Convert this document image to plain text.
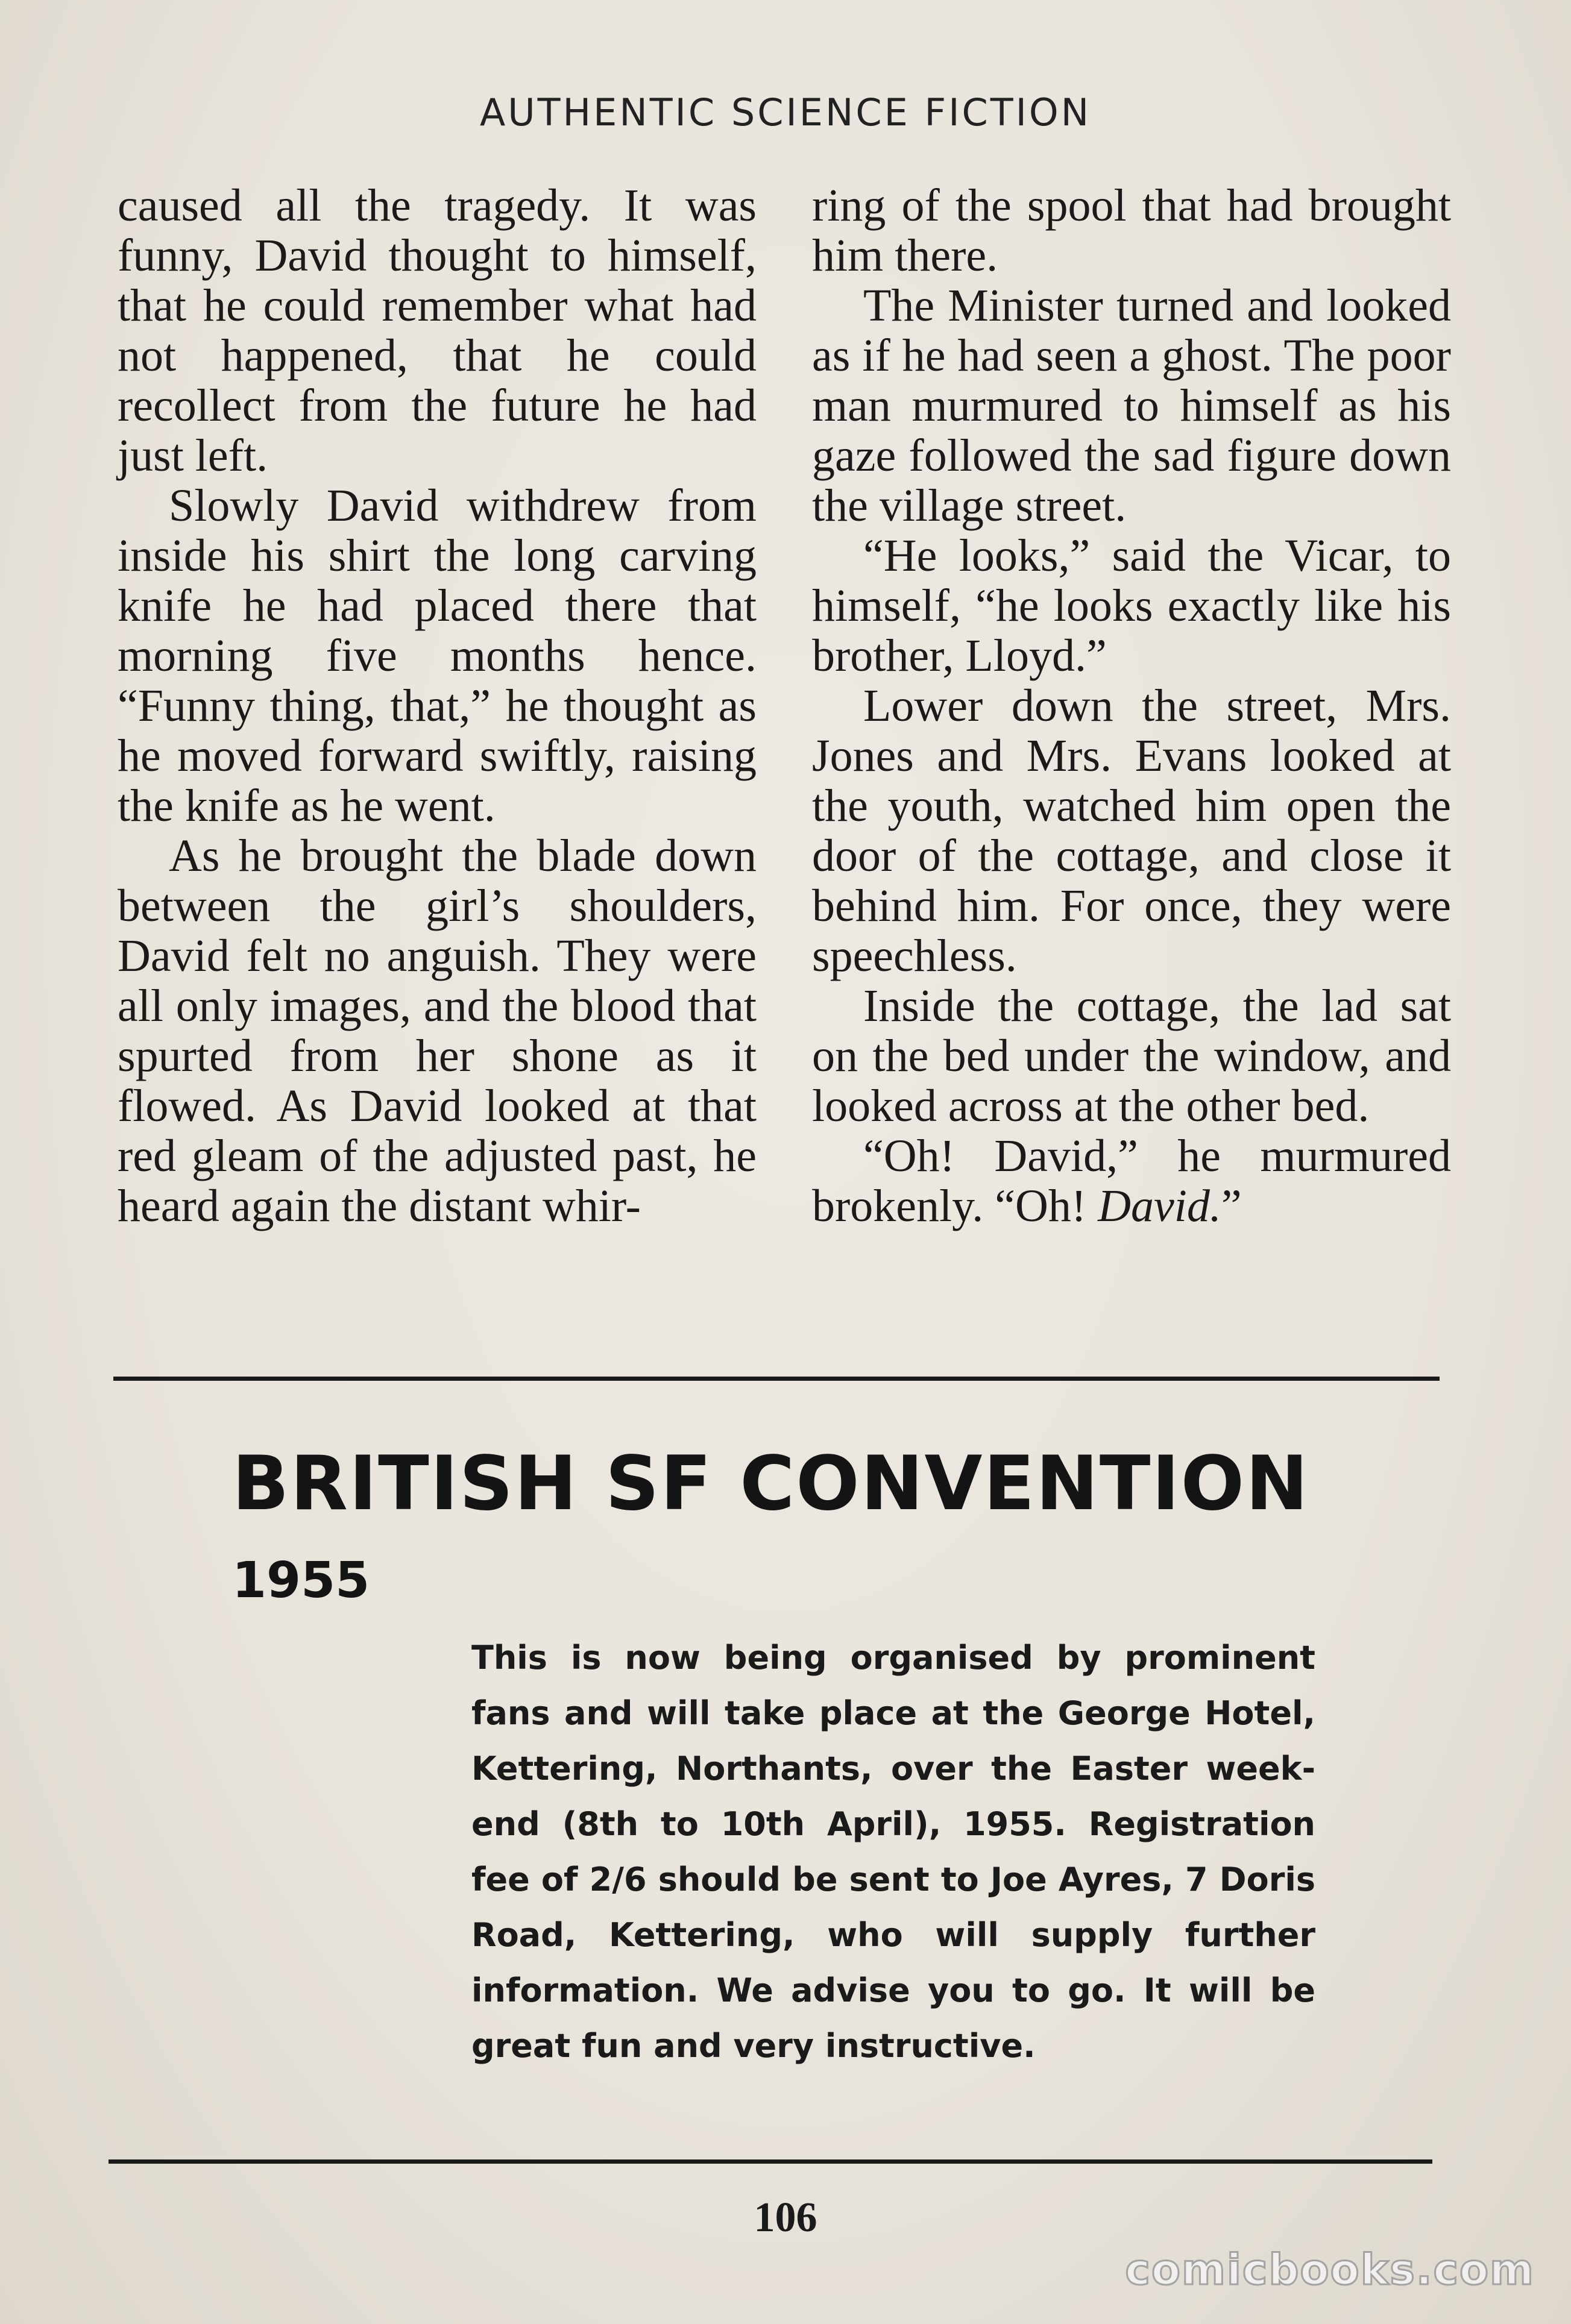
AUTHENTIC SCIENCE FICTION

caused all the tragedy. It was funny, David thought to himself, that he could remember what had not happened, that he could recollect from the future he had just left.

Slowly David withdrew from inside his shirt the long carving knife he had placed there that morning five months hence. “Funny thing, that,” he thought as he moved forward swiftly, raising the knife as he went.

As he brought the blade down between the girl’s shoulders, David felt no anguish. They were all only images, and the blood that spurted from her shone as it flowed. As David looked at that red gleam of the adjusted past, he heard again the distant whir-

ring of the spool that had brought him there.

The Minister turned and looked as if he had seen a ghost. The poor man murmured to himself as his gaze followed the sad figure down the village street.

“He looks,” said the Vicar, to himself, “he looks exactly like his brother, Lloyd.”

Lower down the street, Mrs. Jones and Mrs. Evans looked at the youth, watched him open the door of the cottage, and close it behind him. For once, they were speechless.

Inside the cottage, the lad sat on the bed under the window, and looked across at the other bed.

“Oh! David,” he murmured brokenly. “Oh! David.”

BRITISH SF CONVENTION
1955
This is now being organised by prominent fans and will take place at the George Hotel, Kettering, Northants, over the Easter week-end (8th to 10th April), 1955. Registration fee of 2/6 should be sent to Joe Ayres, 7 Doris Road, Kettering, who will supply further information. We advise you to go. It will be great fun and very instructive.
106
comicbooks.com
